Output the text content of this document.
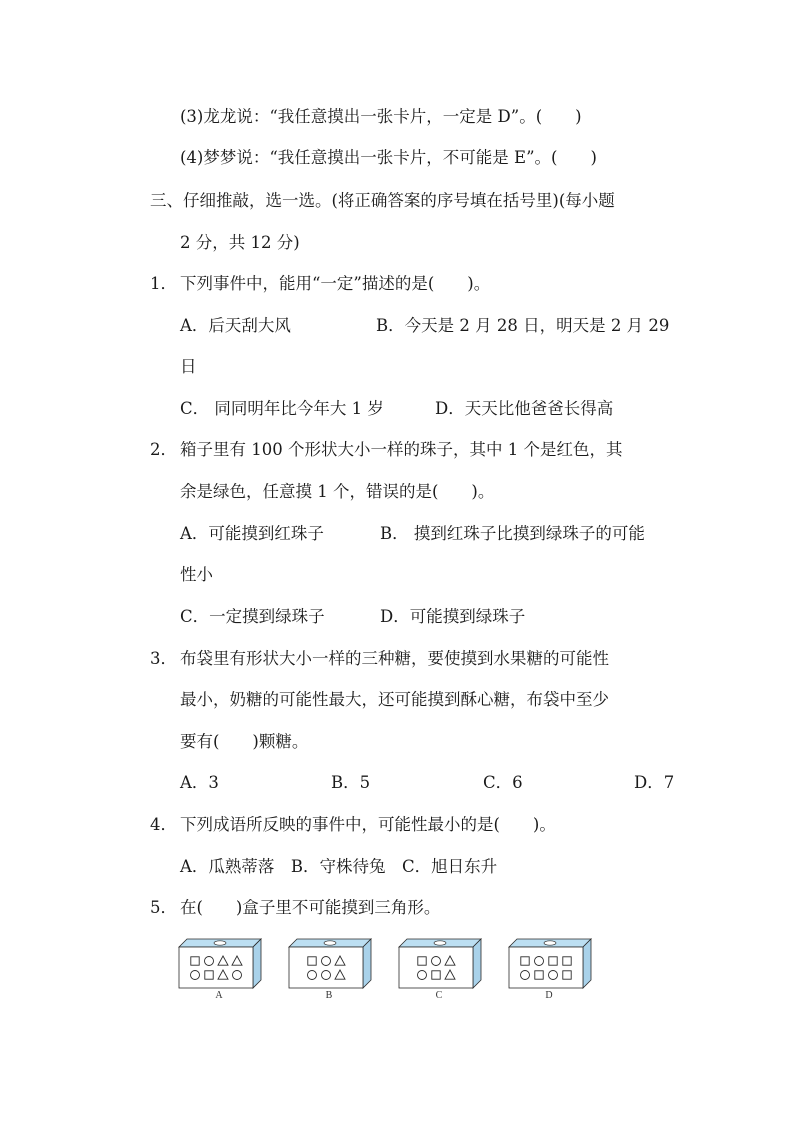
(3)龙龙说：“我任意摸出一张卡片，一定是 D”。(　　)
(4)梦梦说：“我任意摸出一张卡片，不可能是 E”。(　　)
三、仔细推敲，选一选。(将正确答案的序号填在括号里)(每小题
2 分，共 12 分)
1． 下列事件中，能用“一定”描述的是(　　)。
A．后天刮大风	B．今天是 2 月 28 日，明天是 2 月 29
日
C． 同同明年比今年大 1 岁	D．天天比他爸爸长得高
2． 箱子里有 100 个形状大小一样的珠子，其中 1 个是红色，其
余是绿色，任意摸 1 个，错误的是(　　)。
A．可能摸到红珠子	B． 摸到红珠子比摸到绿珠子的可能
性小
C．一定摸到绿珠子	D．可能摸到绿珠子
3． 布袋里有形状大小一样的三种糖，要使摸到水果糖的可能性
最小，奶糖的可能性最大，还可能摸到酥心糖，布袋中至少
要有(　　)颗糖。
A．3	B．5	C．6	D．7
4． 下列成语所反映的事件中，可能性最小的是(　　)。
A．瓜熟蒂落　B．守株待兔　C．旭日东升
5． 在(　　)盒子里不可能摸到三角形。
A	B	C	D
